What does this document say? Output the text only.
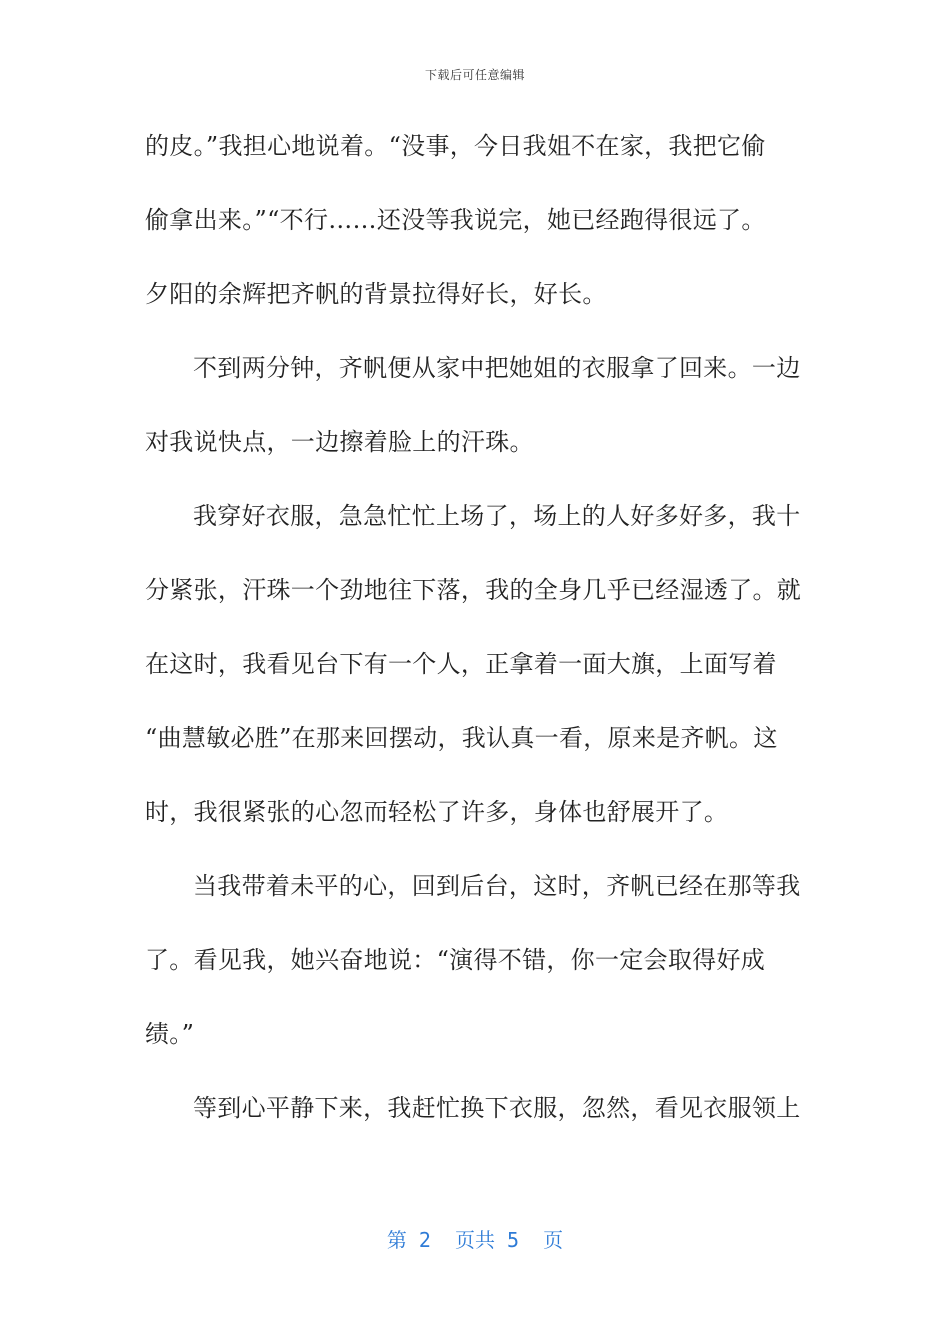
下载后可任意编辑
的皮。”我担心地说着。“没事，今日我姐不在家，我把它偷
偷拿出来。”“不行……还没等我说完，她已经跑得很远了。
夕阳的余辉把齐帆的背景拉得好长，好长。
不到两分钟，齐帆便从家中把她姐的衣服拿了回来。一边
对我说快点，一边擦着脸上的汗珠。
我穿好衣服，急急忙忙上场了，场上的人好多好多，我十
分紧张，汗珠一个劲地往下落，我的全身几乎已经湿透了。就
在这时，我看见台下有一个人，正拿着一面大旗，上面写着
“曲慧敏必胜”在那来回摆动，我认真一看，原来是齐帆。这
时，我很紧张的心忽而轻松了许多，身体也舒展开了。
当我带着未平的心，回到后台，这时，齐帆已经在那等我
了。看见我，她兴奋地说：“演得不错，你一定会取得好成
绩。”
等到心平静下来，我赶忙换下衣服，忽然，看见衣服领上
第 2  页共 5  页
